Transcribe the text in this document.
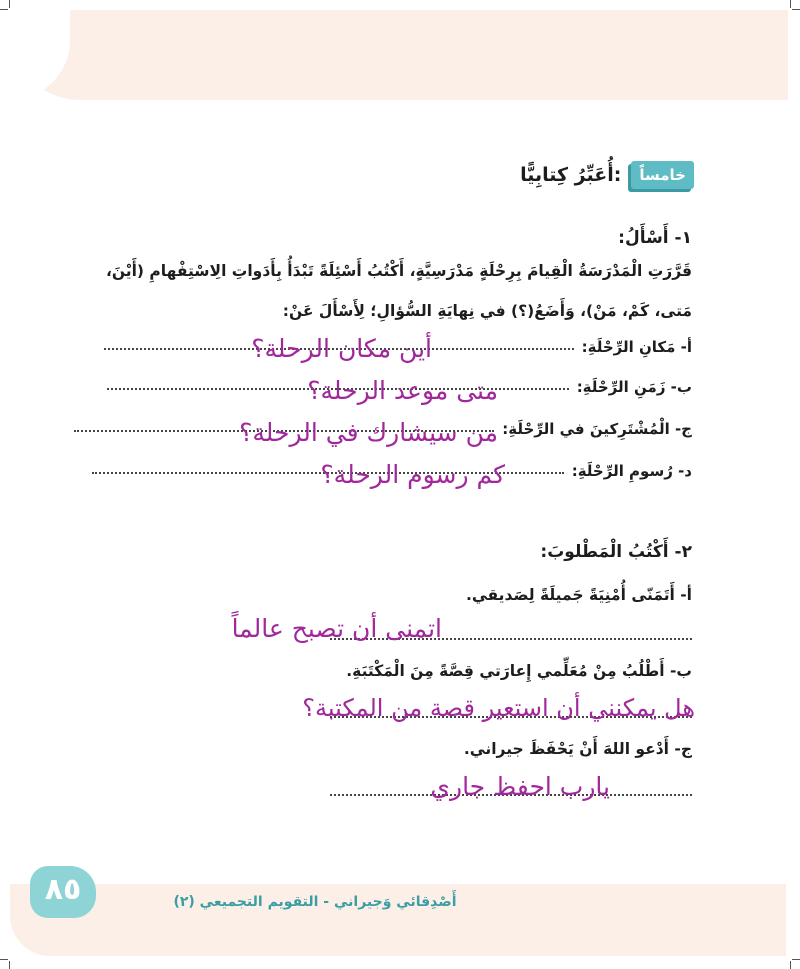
خامساً
أُعَبِّرُ كِتابِيًّا:
١- أَسْأَلُ:
قَرَّرَتِ الْمَدْرَسَةُ الْقِيامَ بِرِحْلَةٍ مَدْرَسِيَّةٍ، أَكْتُبُ أَسْئِلَةً تَبْدَأُ بِأَدَواتِ الِاسْتِفْهامِ (أَيْنَ،
مَتى، كَمْ، مَنْ)، وَأَضَعُ(؟) في نِهايَةِ السُّؤالِ؛ لِأَسْأَلَ عَنْ:
أ- مَكانِ الرِّحْلَةِ:
أين مكان الرحلة؟
ب- زَمَنِ الرِّحْلَةِ:
متى موعد الرحلة؟
ج- الْمُشْتَرِكينَ في الرِّحْلَةِ:
من سيشارك في الرحلة؟
د- رُسومِ الرِّحْلَةِ:
كم رسوم الرحلة؟
٢- أَكْتُبُ الْمَطْلوبَ:
أ- أَتَمَنّى أُمْنِيَةً جَميلَةً لِصَديقي.
اتمنى أن تصبح عالماً
ب- أَطْلُبُ مِنْ مُعَلِّمي إِعارَتي قِصَّةً مِنَ الْمَكْتَبَةِ.
هل يمكنني أن استعير قصة من المكتبة؟
ج- أَدْعو اللهَ أَنْ يَحْفَظَ جيراني.
يارب احفظ جاري
٨٥	أَصْدِقائي وَجيراني - التقويم التجميعي (٢)
